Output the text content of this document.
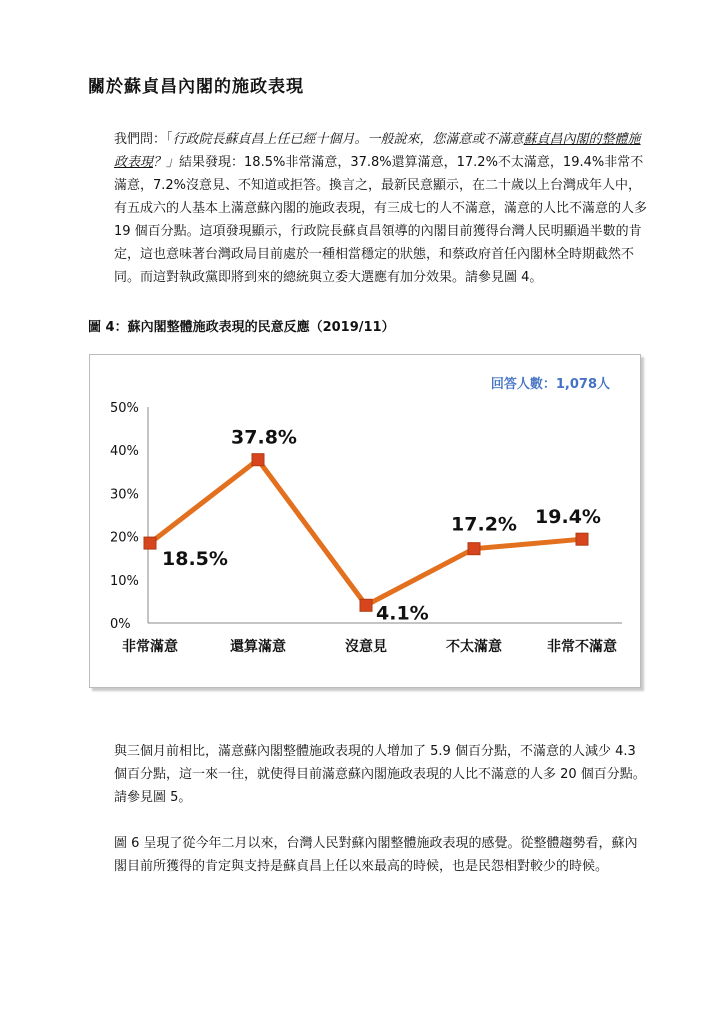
關於蘇貞昌內閣的施政表現

我們問：「行政院長蘇貞昌上任已經十個月。一般說來，您滿意或不滿意蘇貞昌內閣的整體施政表現？」結果發現：18.5%非常滿意，37.8%還算滿意，17.2%不太滿意，19.4%非常不滿意，7.2%沒意見、不知道或拒答。換言之，最新民意顯示，在二十歲以上台灣成年人中，有五成六的人基本上滿意蘇內閣的施政表現，有三成七的人不滿意，滿意的人比不滿意的人多 19 個百分點。這項發現顯示，行政院長蘇貞昌領導的內閣目前獲得台灣人民明顯過半數的肯定，這也意味著台灣政局目前處於一種相當穩定的狀態，和蔡政府首任內閣林全時期截然不同。而這對執政黨即將到來的總統與立委大選應有加分效果。請參見圖 4。

圖 4：蘇內閣整體施政表現的民意反應（2019/11）
0%
10%
20%
30%
40%
50%
非常滿意	還算滿意	沒意見	不太滿意	非常不滿意
18.5%
37.8%
4.1%
17.2% 19.4%
回答人數：1,078人

與三個月前相比，滿意蘇內閣整體施政表現的人增加了 5.9 個百分點，不滿意的人減少 4.3 個百分點，這一來一往，就使得目前滿意蘇內閣施政表現的人比不滿意的人多 20 個百分點。請參見圖 5。

圖 6 呈現了從今年二月以來，台灣人民對蘇內閣整體施政表現的感覺。從整體趨勢看，蘇內閣目前所獲得的肯定與支持是蘇貞昌上任以來最高的時候，也是民怨相對較少的時候。
